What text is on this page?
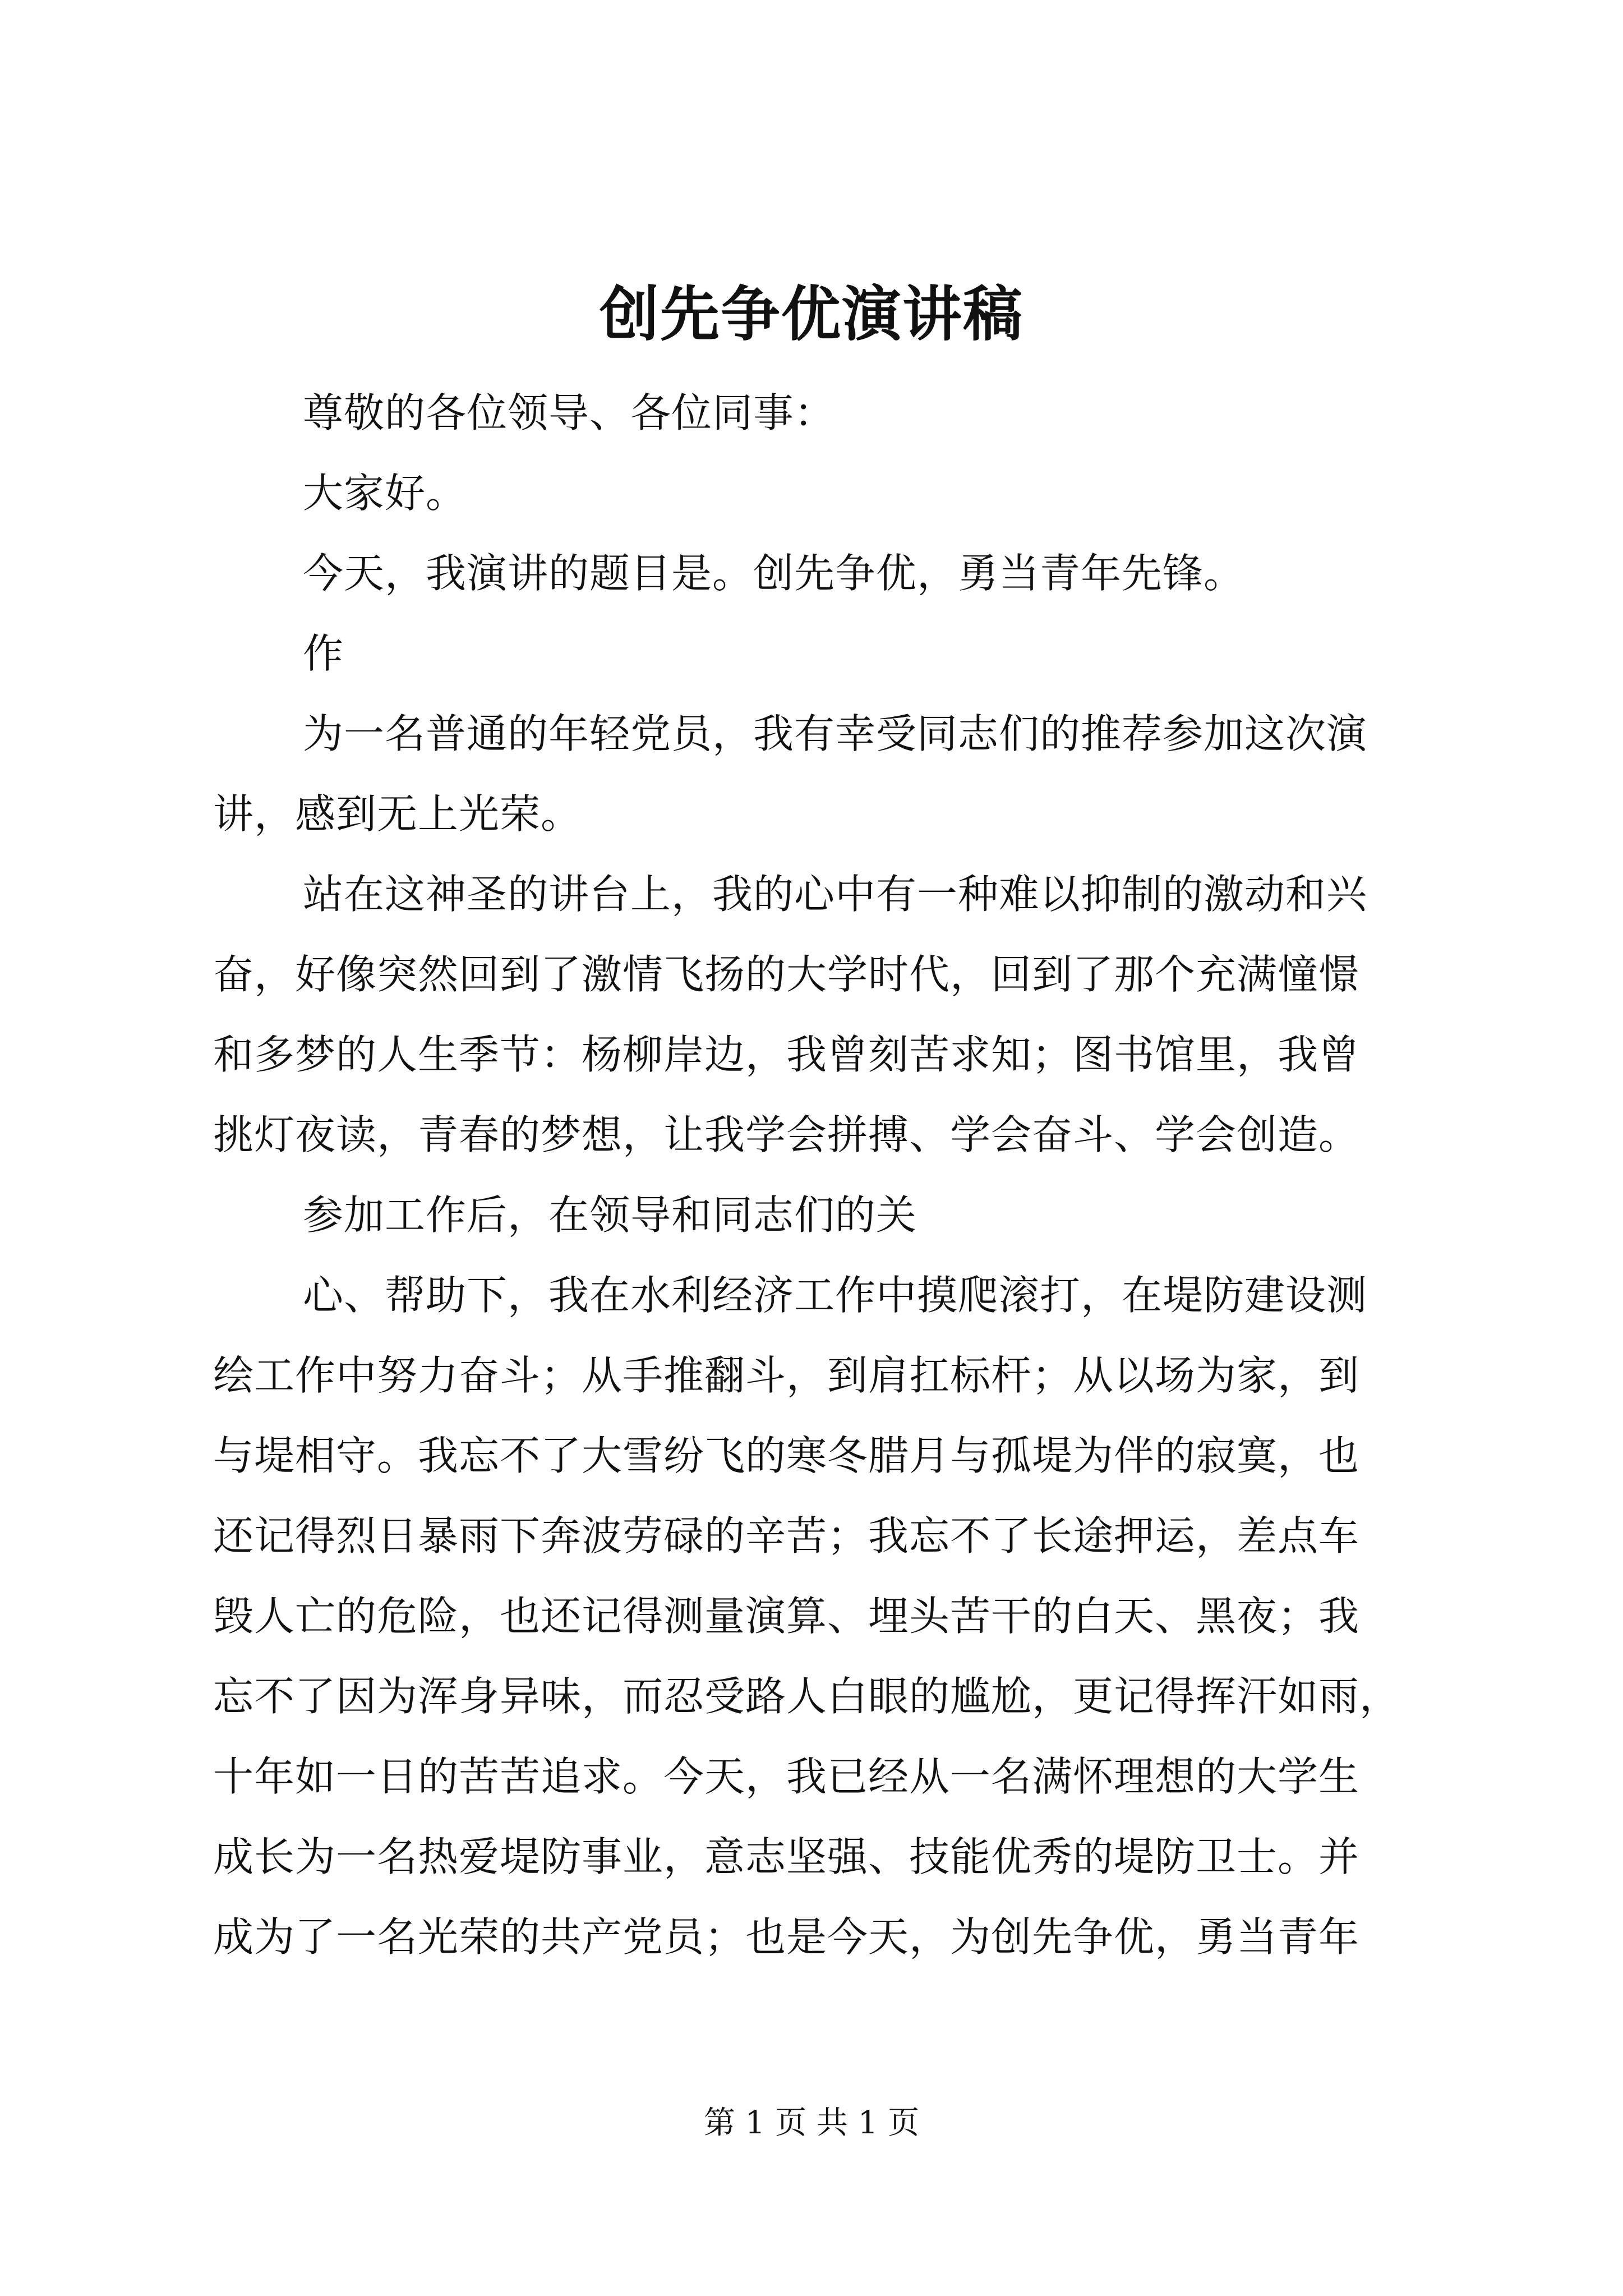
创先争优演讲稿
尊敬的各位领导、各位同事：
大家好。
今天，我演讲的题目是。创先争优，勇当青年先锋。
作
为一名普通的年轻党员，我有幸受同志们的推荐参加这次演
讲，感到无上光荣。
站在这神圣的讲台上，我的心中有一种难以抑制的激动和兴
奋，好像突然回到了激情飞扬的大学时代，回到了那个充满憧憬
和多梦的人生季节：杨柳岸边，我曾刻苦求知；图书馆里，我曾
挑灯夜读，青春的梦想，让我学会拼搏、学会奋斗、学会创造。
参加工作后，在领导和同志们的关
心、帮助下，我在水利经济工作中摸爬滚打，在堤防建设测
绘工作中努力奋斗；从手推翻斗，到肩扛标杆；从以场为家，到
与堤相守。我忘不了大雪纷飞的寒冬腊月与孤堤为伴的寂寞，也
还记得烈日暴雨下奔波劳碌的辛苦；我忘不了长途押运，差点车
毁人亡的危险，也还记得测量演算、埋头苦干的白天、黑夜；我
忘不了因为浑身异味，而忍受路人白眼的尴尬，更记得挥汗如雨，
十年如一日的苦苦追求。今天，我已经从一名满怀理想的大学生
成长为一名热爱堤防事业，意志坚强、技能优秀的堤防卫士。并
成为了一名光荣的共产党员；也是今天，为创先争优，勇当青年
第 1 页 共 1 页
